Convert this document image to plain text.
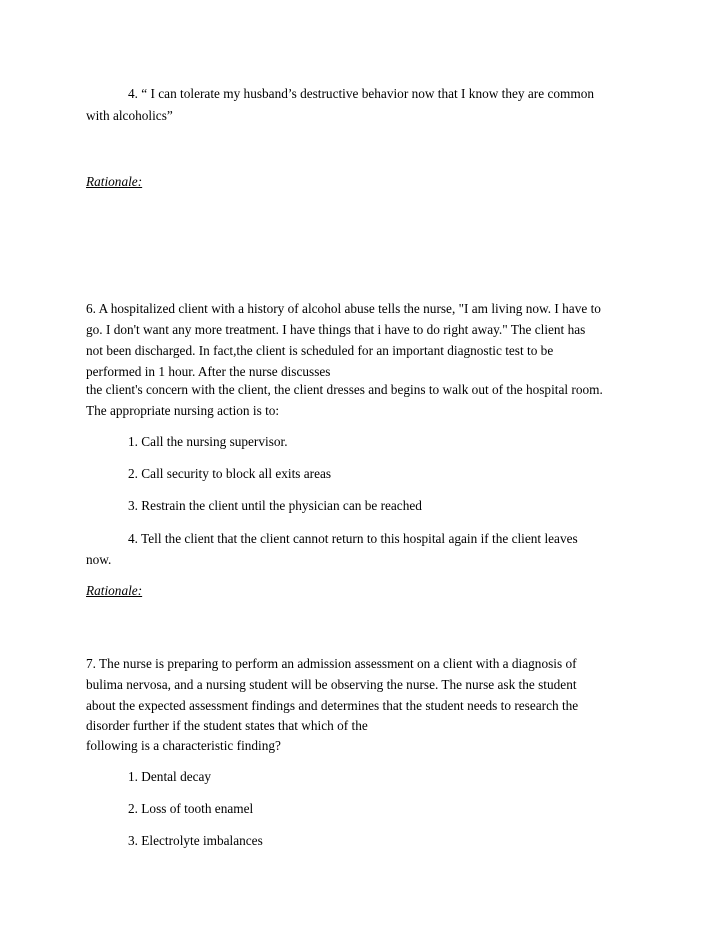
4. “ I can tolerate my husband’s destructive behavior now that I know they are common
with alcoholics”
Rationale:
6. A hospitalized client with a history of alcohol abuse tells the nurse, "I am living now. I have to
go. I don't want any more treatment. I have things that i have to do right away." The client has
not been discharged. In fact,the client is scheduled for an important diagnostic test to be
performed in 1 hour. After the nurse discusses
the client's concern with the client, the client dresses and begins to walk out of the hospital room.
The appropriate nursing action is to:
1. Call the nursing supervisor.
2. Call security to block all exits areas
3. Restrain the client until the physician can be reached
4. Tell the client that the client cannot return to this hospital again if the client leaves
now.
Rationale:
7. The nurse is preparing to perform an admission assessment on a client with a diagnosis of
bulima nervosa, and a nursing student will be observing the nurse. The nurse ask the student
about the expected assessment findings and determines that the student needs to research the
disorder further if the student states that which of the
following is a characteristic finding?
1. Dental decay
2. Loss of tooth enamel
3. Electrolyte imbalances
